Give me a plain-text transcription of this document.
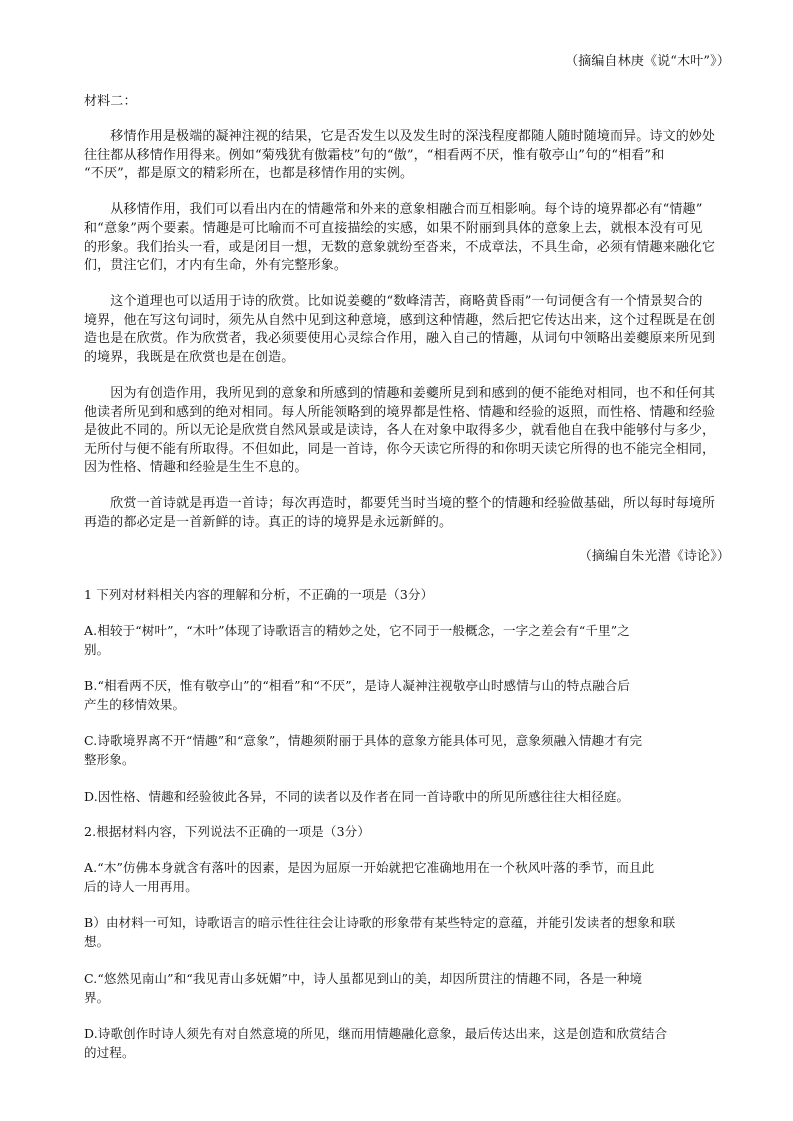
（摘编自林庚《说“木叶”》）
材料二：
　　移情作用是极端的凝神注视的结果，它是否发生以及发生时的深浅程度都随人随时随境而异。诗文的妙处
往往都从移情作用得来。例如“菊残犹有傲霜枝”句的“傲”，“相看两不厌，惟有敬亭山”句的“相看”和
“不厌”，都是原文的精彩所在，也都是移情作用的实例。
　　从移情作用，我们可以看出内在的情趣常和外来的意象相融合而互相影响。每个诗的境界都必有“情趣”
和“意象”两个要素。情趣是可比喻而不可直接描绘的实感，如果不附丽到具体的意象上去，就根本没有可见
的形象。我们抬头一看，或是闭目一想，无数的意象就纷至沓来，不成章法，不具生命，必须有情趣来融化它
们，贯注它们，才内有生命，外有完整形象。
　　这个道理也可以适用于诗的欣赏。比如说姜夔的“数峰清苦，商略黄昏雨”一句词便含有一个情景契合的
境界，他在写这句词时，须先从自然中见到这种意境，感到这种情趣，然后把它传达出来，这个过程既是在创
造也是在欣赏。作为欣赏者，我必须要使用心灵综合作用，融入自己的情趣，从词句中领略出姜夔原来所见到
的境界，我既是在欣赏也是在创造。
　　因为有创造作用，我所见到的意象和所感到的情趣和姜夔所見到和感到的便不能绝对相同，也不和任何其
他读者所见到和感到的绝对相同。每人所能领略到的境界都是性格、情趣和经验的返照，而性格、情趣和经验
是彼此不同的。所以无论是欣赏自然风景或是读诗，各人在对象中取得多少，就看他自在我中能够付与多少，
无所付与便不能有所取得。不但如此，同是一首诗，你今天读它所得的和你明天读它所得的也不能完全相同，
因为性格、情趣和经验是生生不息的。
　　欣赏一首诗就是再造一首诗；每次再造时，都要凭当时当境的整个的情趣和经验做基础，所以每时每境所
再造的都必定是一首新鲜的诗。真正的诗的境界是永远新鲜的。
（摘编自朱光潜《诗论》）
1 下列对材料相关内容的理解和分析，不正确的一项是（3分）
A.相较于“树叶”，“木叶”体现了诗歌语言的精妙之处，它不同于一般概念，一字之差会有“千里”之
别。
B.“相看两不厌，惟有敬亭山”的“相看”和“不厌”，是诗人凝神注视敬亭山时感情与山的特点融合后
产生的移情效果。
C.诗歌境界离不开“情趣”和“意象”，情趣须附丽于具体的意象方能具体可见，意象须融入情趣才有完
整形象。
D.因性格、情趣和经验彼此各异，不同的读者以及作者在同一首诗歌中的所见所感往往大相径庭。
2.根据材料内容，下列说法不正确的一项是（3分）
A.“木”仿佛本身就含有落叶的因素，是因为屈原一开始就把它准确地用在一个秋风叶落的季节，而且此
后的诗人一用再用。
B）由材料一可知，诗歌语言的暗示性往往会让诗歌的形象带有某些特定的意蕴，并能引发读者的想象和联
想。
C.“悠然见南山”和“我见青山多妩媚”中，诗人虽都见到山的美，却因所贯注的情趣不同，各是一种境
界。
D.诗歌创作时诗人须先有对自然意境的所见，继而用情趣融化意象，最后传达出来，这是创造和欣赏结合
的过程。
